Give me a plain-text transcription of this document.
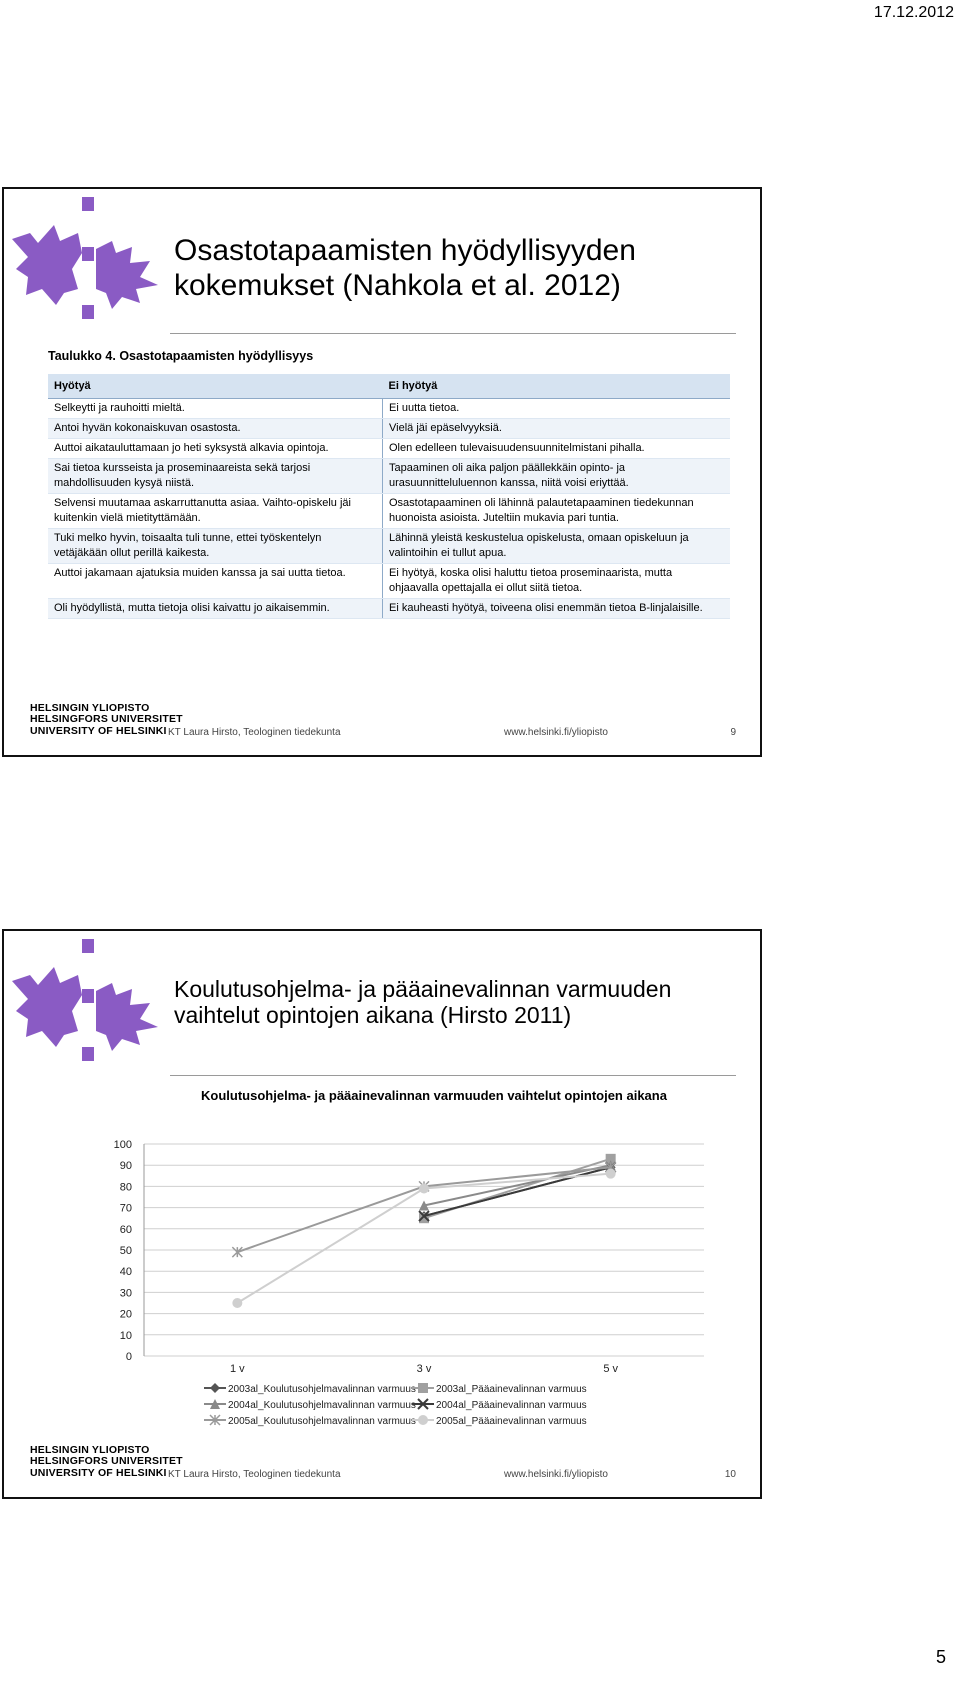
17.12.2012
Osastotapaamisten hyödyllisyyden
kokemukset (Nahkola et al. 2012)
Taulukko 4. Osastotapaamisten hyödyllisyys
Hyötyä	Ei hyötyä
Selkeytti ja rauhoitti mieltä.	Ei uutta tietoa.
Antoi hyvän kokonaiskuvan osastosta.	Vielä jäi epäselvyyksiä.
Auttoi aikatauluttamaan jo heti syksystä alkavia opintoja.	Olen edelleen tulevaisuudensuunnitelmistani pihalla.
Sai tietoa kursseista ja proseminaareista sekä tarjosi mahdollisuuden kysyä niistä.	Tapaaminen oli aika paljon päällekkäin opinto- ja urasuunnitteluluennon kanssa, niitä voisi eriyttää.
Selvensi muutamaa askarruttanutta asiaa. Vaihto-opiskelu jäi kuitenkin vielä mietityttämään.	Osastotapaaminen oli lähinnä palautetapaaminen tiedekunnan huonoista asioista. Juteltiin mukavia pari tuntia.
Tuki melko hyvin, toisaalta tuli tunne, ettei työskentelyn vetäjäkään ollut perillä kaikesta.	Lähinnä yleistä keskustelua opiskelusta, omaan opiskeluun ja valintoihin ei tullut apua.
Auttoi jakamaan ajatuksia muiden kanssa ja sai uutta tietoa.	Ei hyötyä, koska olisi haluttu tietoa proseminaarista, mutta ohjaavalla opettajalla ei ollut siitä tietoa.
Oli hyödyllistä, mutta tietoja olisi kaivattu jo aikaisemmin.	Ei kauheasti hyötyä, toiveena olisi enemmän tietoa B-linjalaisille.
HELSINGIN YLIOPISTO
HELSINGFORS UNIVERSITET
UNIVERSITY OF HELSINKI KT Laura Hirsto, Teologinen tiedekunta	www.helsinki.fi/yliopisto	9
Koulutusohjelma- ja pääainevalinnan varmuuden
vaihtelut opintojen aikana (Hirsto 2011)
Koulutusohjelma- ja pääainevalinnan varmuuden vaihtelut opintojen aikana
0
10
20
30
40
50
60
70
80
90
100
1 v	3 v	5 v
2003al_Koulutusohjelmavalinnan varmuus 2003al_Pääainevalinnan varmuus
2004al_Koulutusohjelmavalinnan varmuus 2004al_Pääainevalinnan varmuus
2005al_Koulutusohjelmavalinnan varmuus 2005al_Pääainevalinnan varmuus
HELSINGIN YLIOPISTO
HELSINGFORS UNIVERSITET
UNIVERSITY OF HELSINKI KT Laura Hirsto, Teologinen tiedekunta	www.helsinki.fi/yliopisto	10
5
